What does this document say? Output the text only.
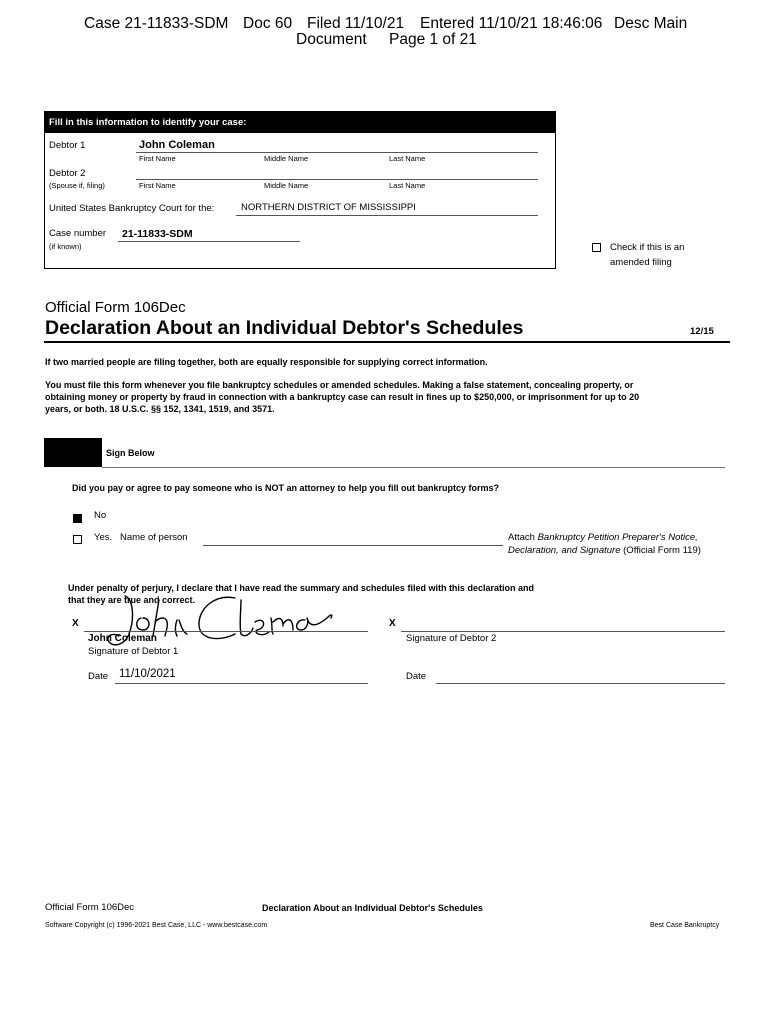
Case 21-11833-SDM Doc 60 Filed 11/10/21 Entered 11/10/21 18:46:06 Desc Main
Document Page 1 of 21
Fill in this information to identify your case:
Debtor 1	John Coleman
First Name	Middle Name	Last Name
Debtor 2
(Spouse if, filing)	First Name	Middle Name	Last Name
United States Bankruptcy Court for the:	NORTHERN DISTRICT OF MISSISSIPPI
Case number 21-11833-SDM
(if known)	Check if this is an
amended filing
Official Form 106Dec
Declaration About an Individual Debtor's Schedules	12/15
If two married people are filing together, both are equally responsible for supplying correct information.
You must file this form whenever you file bankruptcy schedules or amended schedules. Making a false statement, concealing property, or
obtaining money or property by fraud in connection with a bankruptcy case can result in fines up to $250,000, or imprisonment for up to 20
years, or both. 18 U.S.C. §§ 152, 1341, 1519, and 3571.
Sign Below
Did you pay or agree to pay someone who is NOT an attorney to help you fill out bankruptcy forms?
No
Yes. Name of person	Attach Bankruptcy Petition Preparer's Notice,
Declaration, and Signature (Official Form 119)
Under penalty of perjury, I declare that I have read the summary and schedules filed with this declaration and
that they are true and correct.
X
John Coleman
Signature of Debtor 1
X
Signature of Debtor 2
Date 11/10/2021	Date
Official Form 106Dec	Declaration About an Individual Debtor's Schedules
Software Copyright (c) 1996-2021 Best Case, LLC - www.bestcase.com	Best Case Bankruptcy
